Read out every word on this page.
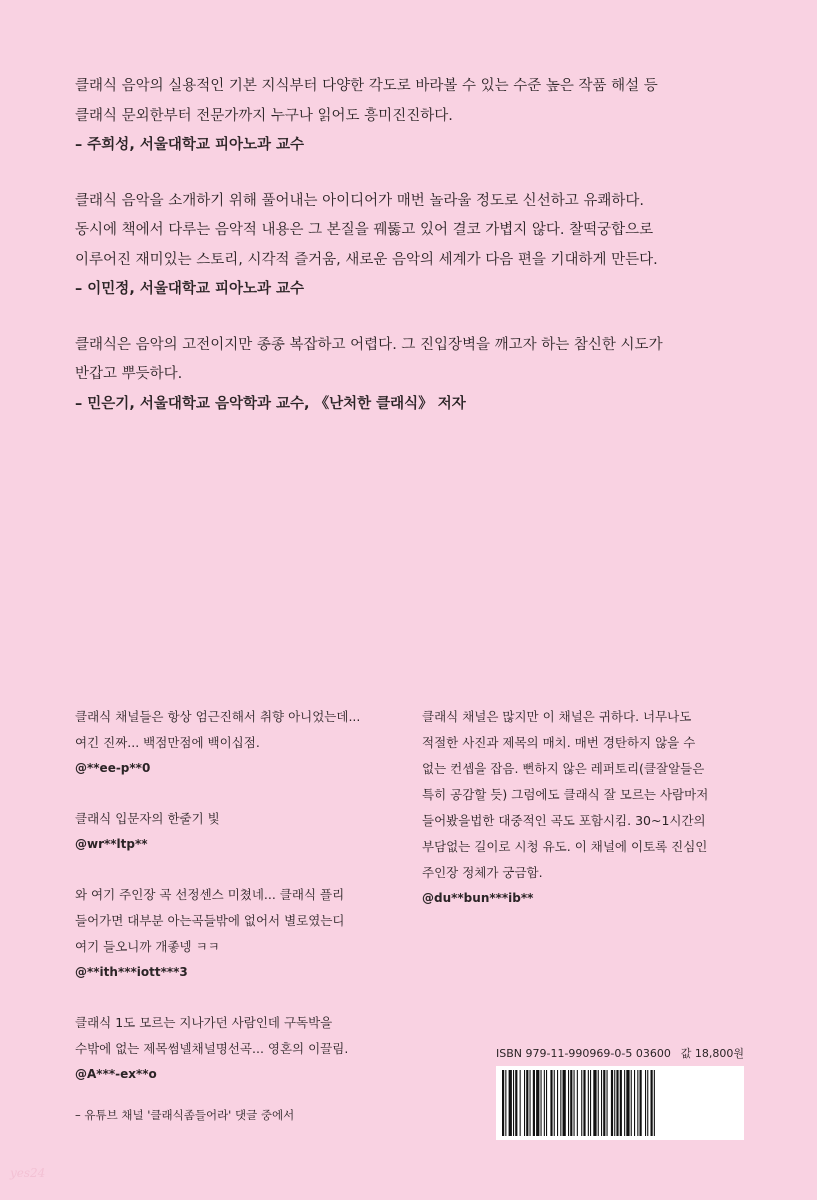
클래식 음악의 실용적인 기본 지식부터 다양한 각도로 바라볼 수 있는 수준 높은 작품 해설 등

클래식 문외한부터 전문가까지 누구나 읽어도 흥미진진하다.

– 주희성, 서울대학교 피아노과 교수

클래식 음악을 소개하기 위해 풀어내는 아이디어가 매번 놀라울 정도로 신선하고 유쾌하다.

동시에 책에서 다루는 음악적 내용은 그 본질을 꿰뚫고 있어 결코 가볍지 않다. 찰떡궁합으로

이루어진 재미있는 스토리, 시각적 즐거움, 새로운 음악의 세계가 다음 편을 기대하게 만든다.

– 이민정, 서울대학교 피아노과 교수

클래식은 음악의 고전이지만 종종 복잡하고 어렵다. 그 진입장벽을 깨고자 하는 참신한 시도가

반갑고 뿌듯하다.

– 민은기, 서울대학교 음악학과 교수, 《난처한 클래식》 저자

클래식 채널들은 항상 엄근진해서 취향 아니었는데...

여긴 진짜... 백점만점에 백이십점.

@**ee-p**0

클래식 입문자의 한줄기 빛

@wr**ltp**

와 여기 주인장 곡 선정센스 미쳤네... 클래식 플리

들어가면 대부분 아는곡들밖에 없어서 별로였는디

여기 들오니까 개좋넹 ㅋㅋ

@**ith***iott***3

클래식 1도 모르는 지나가던 사람인데 구독박을

수밖에 없는 제목썸넬채널명선곡... 영혼의 이끌림.

@A***-ex**o

클래식 채널은 많지만 이 채널은 귀하다. 너무나도

적절한 사진과 제목의 매치. 매번 경탄하지 않을 수

없는 컨셉을 잡음. 뻔하지 않은 레퍼토리(클잘알들은

특히 공감할 듯) 그럼에도 클래식 잘 모르는 사람마저

들어봤을법한 대중적인 곡도 포함시킴. 30~1시간의

부담없는 길이로 시청 유도. 이 채널에 이토록 진심인

주인장 정체가 궁금함.

@du**bun***ib**

– 유튜브 채널 '클래식좀들어라' 댓글 중에서
ISBN 979-11-990969-0-5 03600 값 18,800원
yes24
